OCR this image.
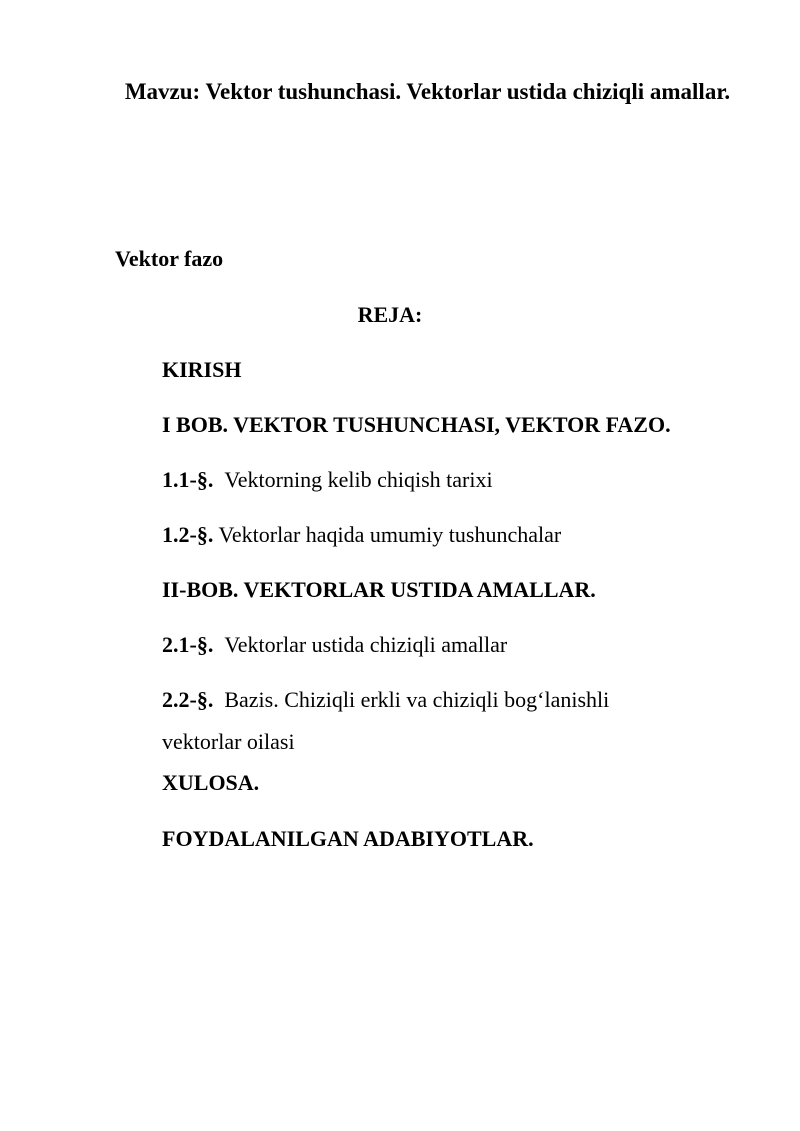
Mavzu: Vektor tushunchasi. Vektorlar ustida chiziqli amallar.
Vektor fazo
REJA:
KIRISH
I BOB. VEKTOR TUSHUNCHASI, VEKTOR FAZO.
1.1-§. Vektorning kelib chiqish tarixi
1.2-§. Vektorlar haqida umumiy tushunchalar
II-BOB. VEKTORLAR USTIDA AMALLAR.
2.1-§. Vektorlar ustida chiziqli amallar
2.2-§. Bazis. Chiziqli erkli va chiziqli bog‘lanishli
vektorlar oilasi
XULOSA.
FOYDALANILGAN ADABIYOTLAR.
